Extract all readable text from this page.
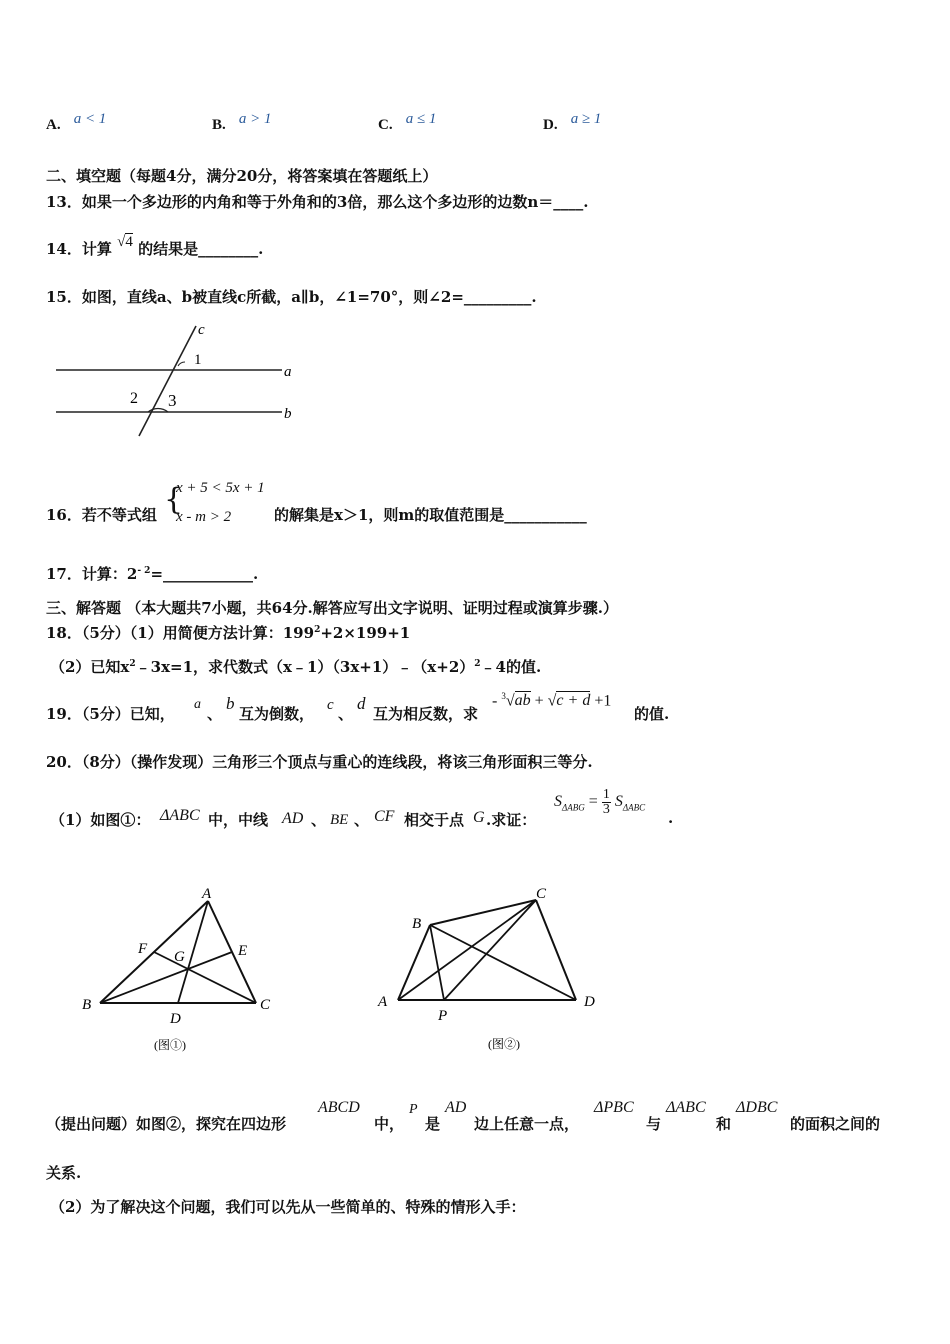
A. a < 1	B. a > 1	C. a ≤ 1	D. a ≥ 1
二、填空题（每题4分，满分20分，将答案填在答题纸上）
13．如果一个多边形的内角和等于外角和的3倍，那么这个多边形的边数n＝____.
14．计算 √4 的结果是________.
15．如图，直线a、b被直线c所截，a∥b，∠1=70°，则∠2=_________.
c
1
a
2 3
b
16．若不等式组 {
x + 5 < 5x + 1
x - m > 2	的解集是x＞1，则m的取值范围是___________
17．计算：$2^{- 2}=\_\_\_\_\_\_\_\_\_\_\_\_$.
三、解答题 （本大题共7小题，共64分.解答应写出文字说明、证明过程或演算步骤.）
18．（5分）（1）用简便方法计算：$199^2+2\times 199+1$
（2）已知$x^2﹣3x=1$，求代数式$(x﹣1)(3x+1)﹣(x+2)^2﹣4$的值.
19．（5分）已知，
a
、
b
互为倒数， c 、
d
互为相反数，求
- $^3$√ab + √c + d +1
的值.
20．（8分）（操作发现）三角形三个顶点与重心的连线段，将该三角形面积三等分.
（1）如图①： ΔABC 中，中线 AD 、 BE 、 CF 相交于点 G .求证：
$S_{\Delta ABG} = \frac{1}{3} S_{\Delta ABC}$
.
A
B	C
D
E
F G
(图①)
A
B
C
D
P
(图②)
（提出问题）如图②，探究在四边形
ABCD
中，
P
是
AD
边上任意一点，
ΔPBC
与
ΔABC
和
ΔDBC
的面积之间的
关系.
（2）为了解决这个问题，我们可以先从一些简单的、特殊的情形入手：
